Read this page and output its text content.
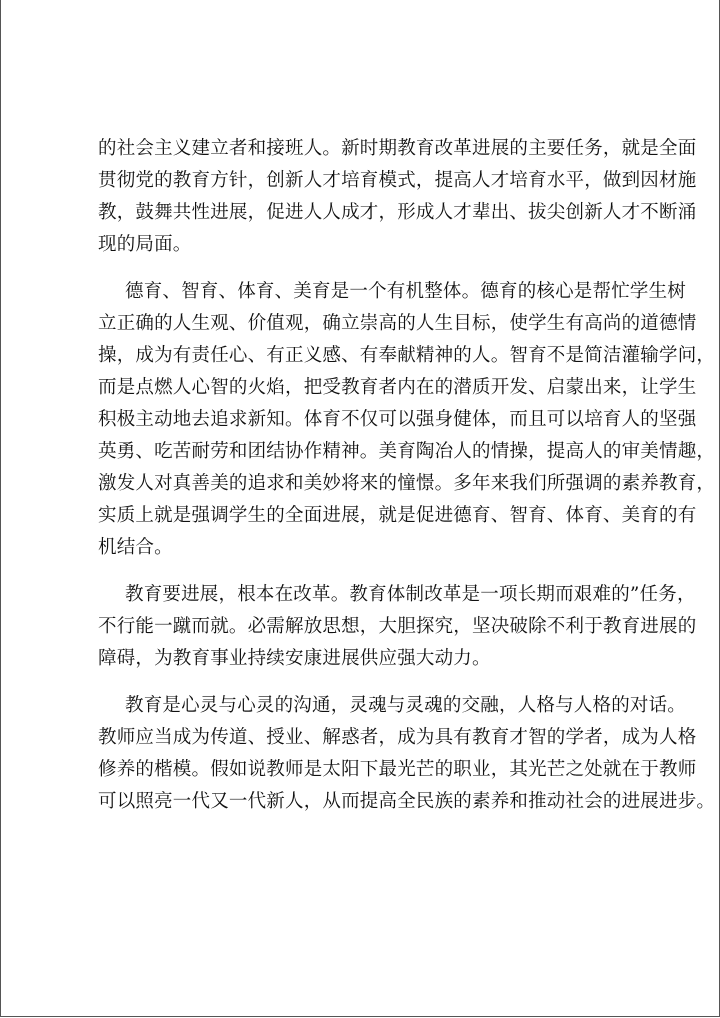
的社会主义建立者和接班人。新时期教育改革进展的主要任务，就是全面
贯彻党的教育方针，创新人才培育模式，提高人才培育水平，做到因材施
教，鼓舞共性进展，促进人人成才，形成人才辈出、拔尖创新人才不断涌
现的局面。
德育、智育、体育、美育是一个有机整体。德育的核心是帮忙学生树
立正确的人生观、价值观，确立崇高的人生目标，使学生有高尚的道德情
操，成为有责任心、有正义感、有奉献精神的人。智育不是简洁灌输学问，
而是点燃人心智的火焰，把受教育者内在的潜质开发、启蒙出来，让学生
积极主动地去追求新知。体育不仅可以强身健体，而且可以培育人的坚强
英勇、吃苦耐劳和团结协作精神。美育陶冶人的情操，提高人的审美情趣，
激发人对真善美的追求和美妙将来的憧憬。多年来我们所强调的素养教育，
实质上就是强调学生的全面进展，就是促进德育、智育、体育、美育的有
机结合。
教育要进展，根本在改革。教育体制改革是一项长期而艰难的”任务，
不行能一蹴而就。必需解放思想，大胆探究，坚决破除不利于教育进展的
障碍，为教育事业持续安康进展供应强大动力。
教育是心灵与心灵的沟通，灵魂与灵魂的交融，人格与人格的对话。
教师应当成为传道、授业、解惑者，成为具有教育才智的学者，成为人格
修养的楷模。假如说教师是太阳下最光芒的职业，其光芒之处就在于教师
可以照亮一代又一代新人，从而提高全民族的素养和推动社会的进展进步。
